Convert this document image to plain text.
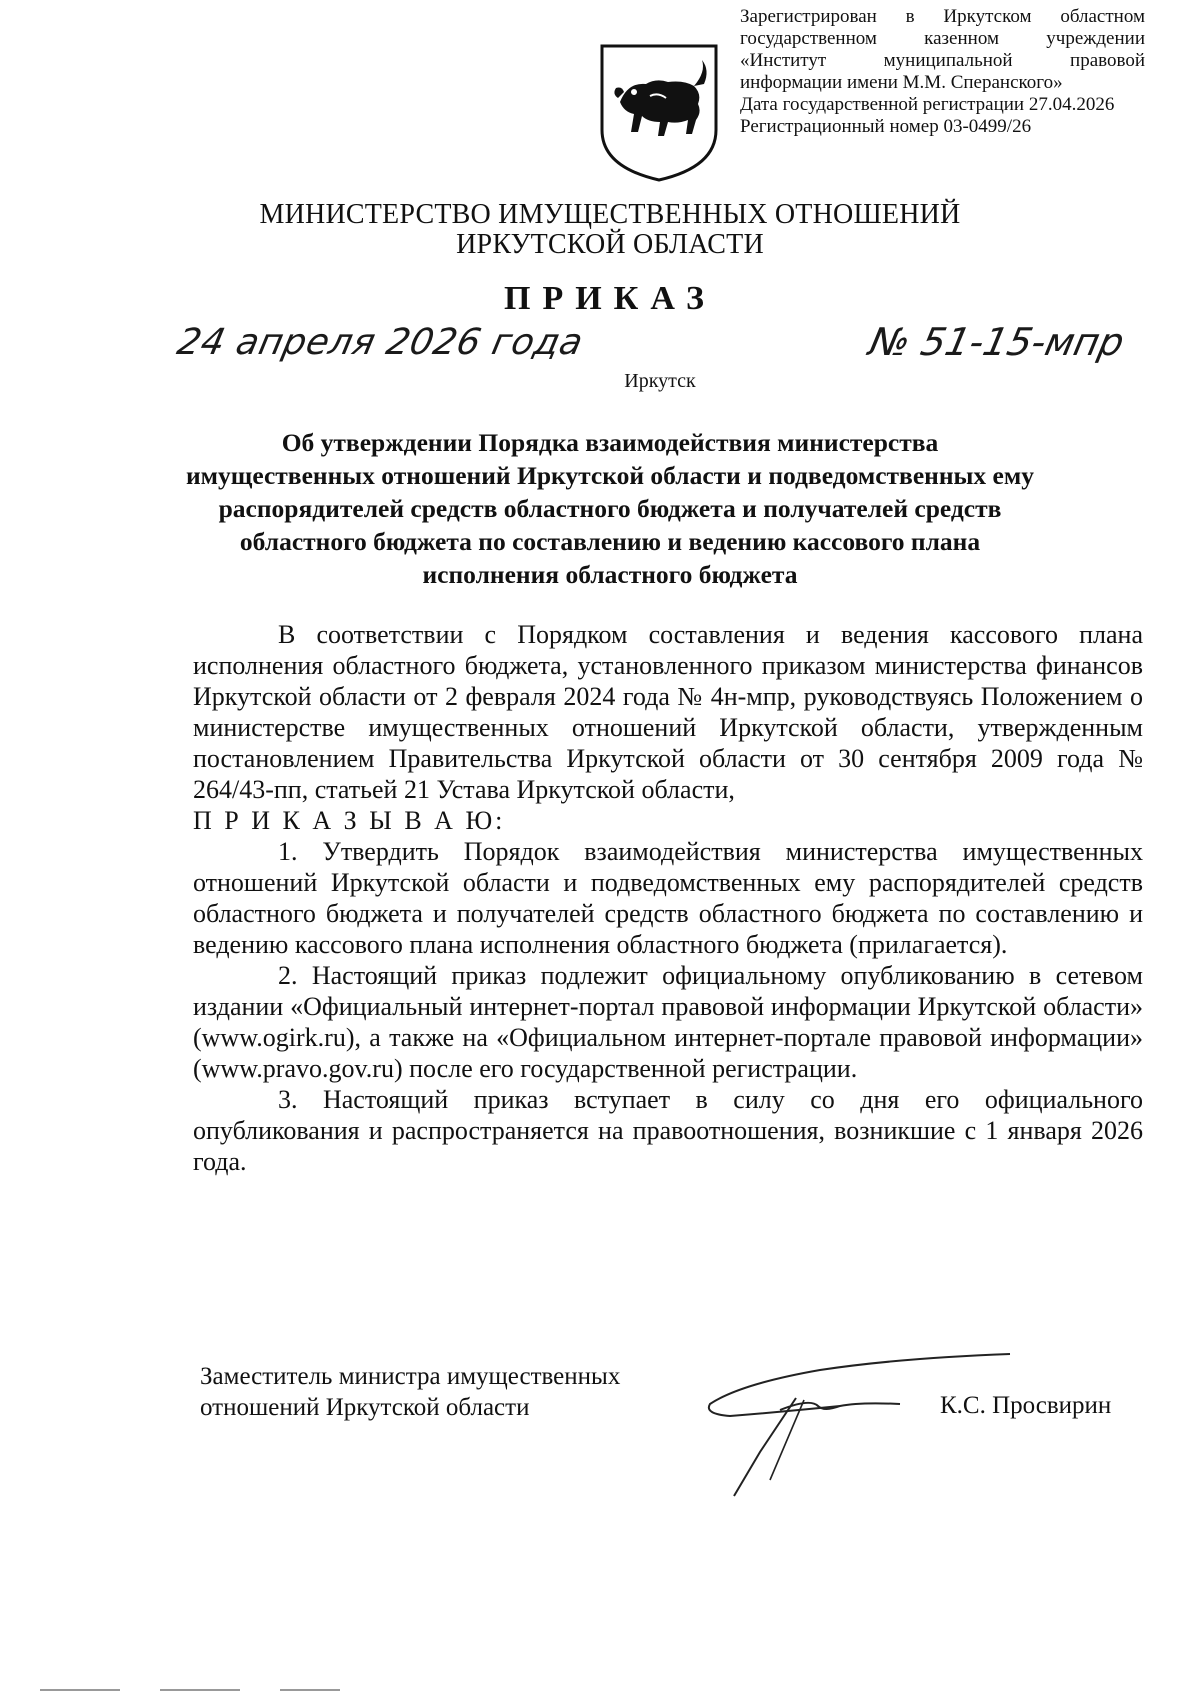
Зарегистрирован в Иркутском областном
государственном казенном учреждении
«Институт муниципальной правовой
информации имени М.М. Сперанского»
Дата государственной регистрации 27.04.2026
Регистрационный номер 03-0499/26
МИНИСТЕРСТВО ИМУЩЕСТВЕННЫХ ОТНОШЕНИЙ
ИРКУТСКОЙ ОБЛАСТИ
ПРИКАЗ
24 апреля 2026 года	№ 51-15-мпр
Иркутск
Об утверждении Порядка взаимодействия министерства
имущественных отношений Иркутской области и подведомственных ему
распорядителей средств областного бюджета и получателей средств
областного бюджета по составлению и ведению кассового плана
исполнения областного бюджета

В соответствии с Порядком составления и ведения кассового плана исполнения областного бюджета, установленного приказом министерства финансов Иркутской области от 2 февраля 2024 года № 4н-мпр, руководствуясь Положением о министерстве имущественных отношений Иркутской области, утвержденным постановлением Правительства Иркутской области от 30 сентября 2009 года № 264/43-пп, статьей 21 Устава Иркутской области,

П Р И К А З Ы В А Ю:

1. Утвердить Порядок взаимодействия министерства имущественных отношений Иркутской области и подведомственных ему распорядителей средств областного бюджета и получателей средств областного бюджета по составлению и ведению кассового плана исполнения областного бюджета (прилагается).

2. Настоящий приказ подлежит официальному опубликованию в сетевом издании «Официальный интернет-портал правовой информации Иркутской области» (www.ogirk.ru), а также на «Официальном интернет-портале правовой информации» (www.pravo.gov.ru) после его государственной регистрации.

3. Настоящий приказ вступает в силу со дня его официального опубликования и распространяется на правоотношения, возникшие с 1 января 2026 года.

Заместитель министра имущественных
отношений Иркутской области	К.С. Просвирин
